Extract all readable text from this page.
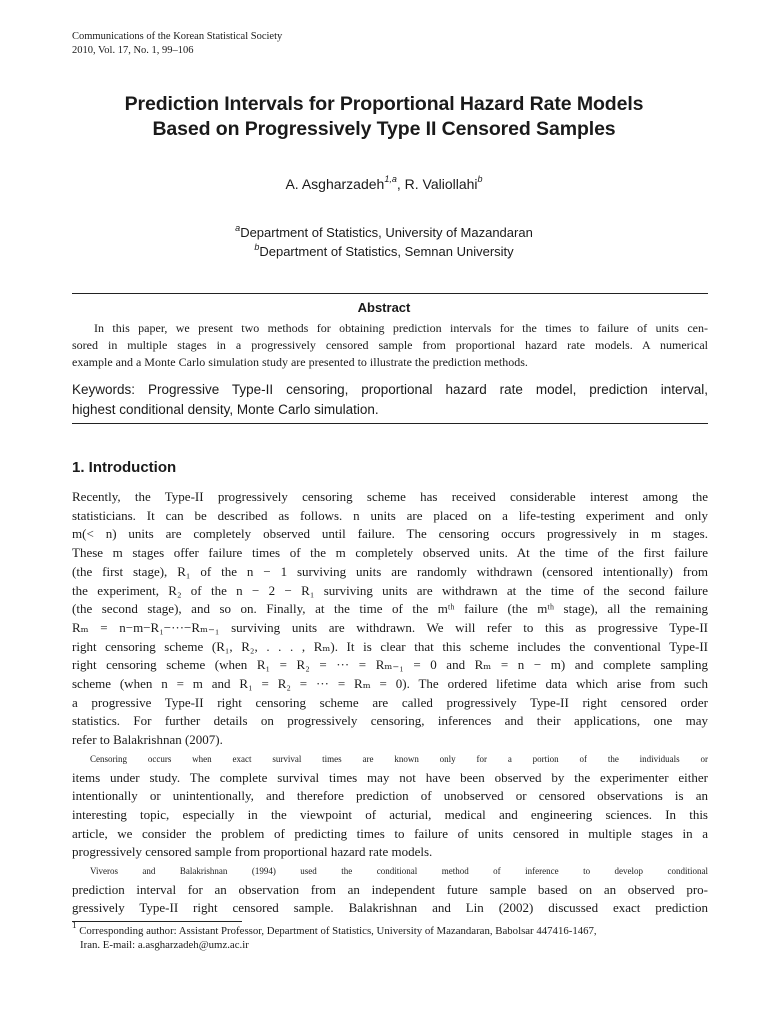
Communications of the Korean Statistical Society
2010, Vol. 17, No. 1, 99–106
Prediction Intervals for Proportional Hazard Rate Models
Based on Progressively Type II Censored Samples
A. Asgharzadeh$^{1,a}$, R. Valiollahi$^b$
$^a$Department of Statistics, University of Mazandaran
$^b$Department of Statistics, Semnan University
Abstract
In this paper, we present two methods for obtaining prediction intervals for the times to failure of units cen-
sored in multiple stages in a progressively censored sample from proportional hazard rate models. A numerical
example and a Monte Carlo simulation study are presented to illustrate the prediction methods.
Keywords: Progressive Type-II censoring, proportional hazard rate model, prediction interval,
highest conditional density, Monte Carlo simulation.
1. Introduction
Recently, the Type-II progressively censoring scheme has received considerable interest among the
statisticians. It can be described as follows. n units are placed on a life-testing experiment and only
m(< n) units are completely observed until failure. The censoring occurs progressively in m stages.
These m stages offer failure times of the m completely observed units. At the time of the first failure
(the first stage), R₁ of the n − 1 surviving units are randomly withdrawn (censored intentionally) from
the experiment, R₂ of the n − 2 − R₁ surviving units are withdrawn at the time of the second failure
(the second stage), and so on. Finally, at the time of the mᵗʰ failure (the mᵗʰ stage), all the remaining
Rₘ = n−m−R₁−···−Rₘ₋₁ surviving units are withdrawn. We will refer to this as progressive Type-II
right censoring scheme (R₁, R₂, . . . , Rₘ). It is clear that this scheme includes the conventional Type-II
right censoring scheme (when R₁ = R₂ = ··· = Rₘ₋₁ = 0 and Rₘ = n − m) and complete sampling
scheme (when n = m and R₁ = R₂ = ··· = Rₘ = 0). The ordered lifetime data which arise from such
a progressive Type-II right censoring scheme are called progressively Type-II right censored order
statistics. For further details on progressively censoring, inferences and their applications, one may
refer to Balakrishnan (2007).
Censoring occurs when exact survival times are known only for a portion of the individuals or
items under study. The complete survival times may not have been observed by the experimenter either
intentionally or unintentionally, and therefore prediction of unobserved or censored observations is an
interesting topic, especially in the viewpoint of acturial, medical and engineering sciences. In this
article, we consider the problem of predicting times to failure of units censored in multiple stages in a
progressively censored sample from proportional hazard rate models.
Viveros and Balakrishnan (1994) used the conditional method of inference to develop conditional
prediction interval for an observation from an independent future sample based on an observed pro-
gressively Type-II right censored sample. Balakrishnan and Lin (2002) discussed exact prediction
$^1$ Corresponding author: Assistant Professor, Department of Statistics, University of Mazandaran, Babolsar 447416-1467,
Iran. E-mail: a.asgharzadeh@umz.ac.ir
